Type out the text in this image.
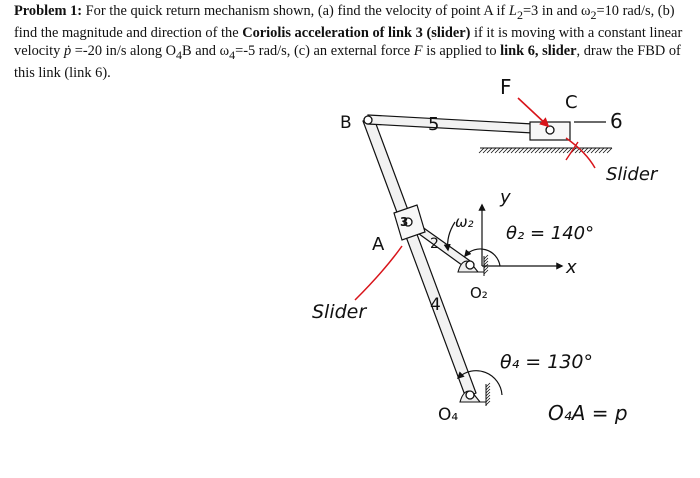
Problem 1: For the quick return mechanism shown, (a) find the velocity of point A if $L_2=3$ in and $\omega_2=10$ rad/s, (b) find the magnitude and direction of the Coriolis acceleration of link 3 (slider) if it is moving with a constant linear velocity ṗ =-20 in/s along $O_4B$ and $\omega_4=-5$ rad/s, (c) an external force F is applied to link 6, slider, draw the FBD of this link (link 6).
F
C
6
B	5
Slider
y
ω₂
θ₂ = 140°
3
A	2
x
O₂
Slider	4
θ₄ = 130°
O₄	O₄A = p
